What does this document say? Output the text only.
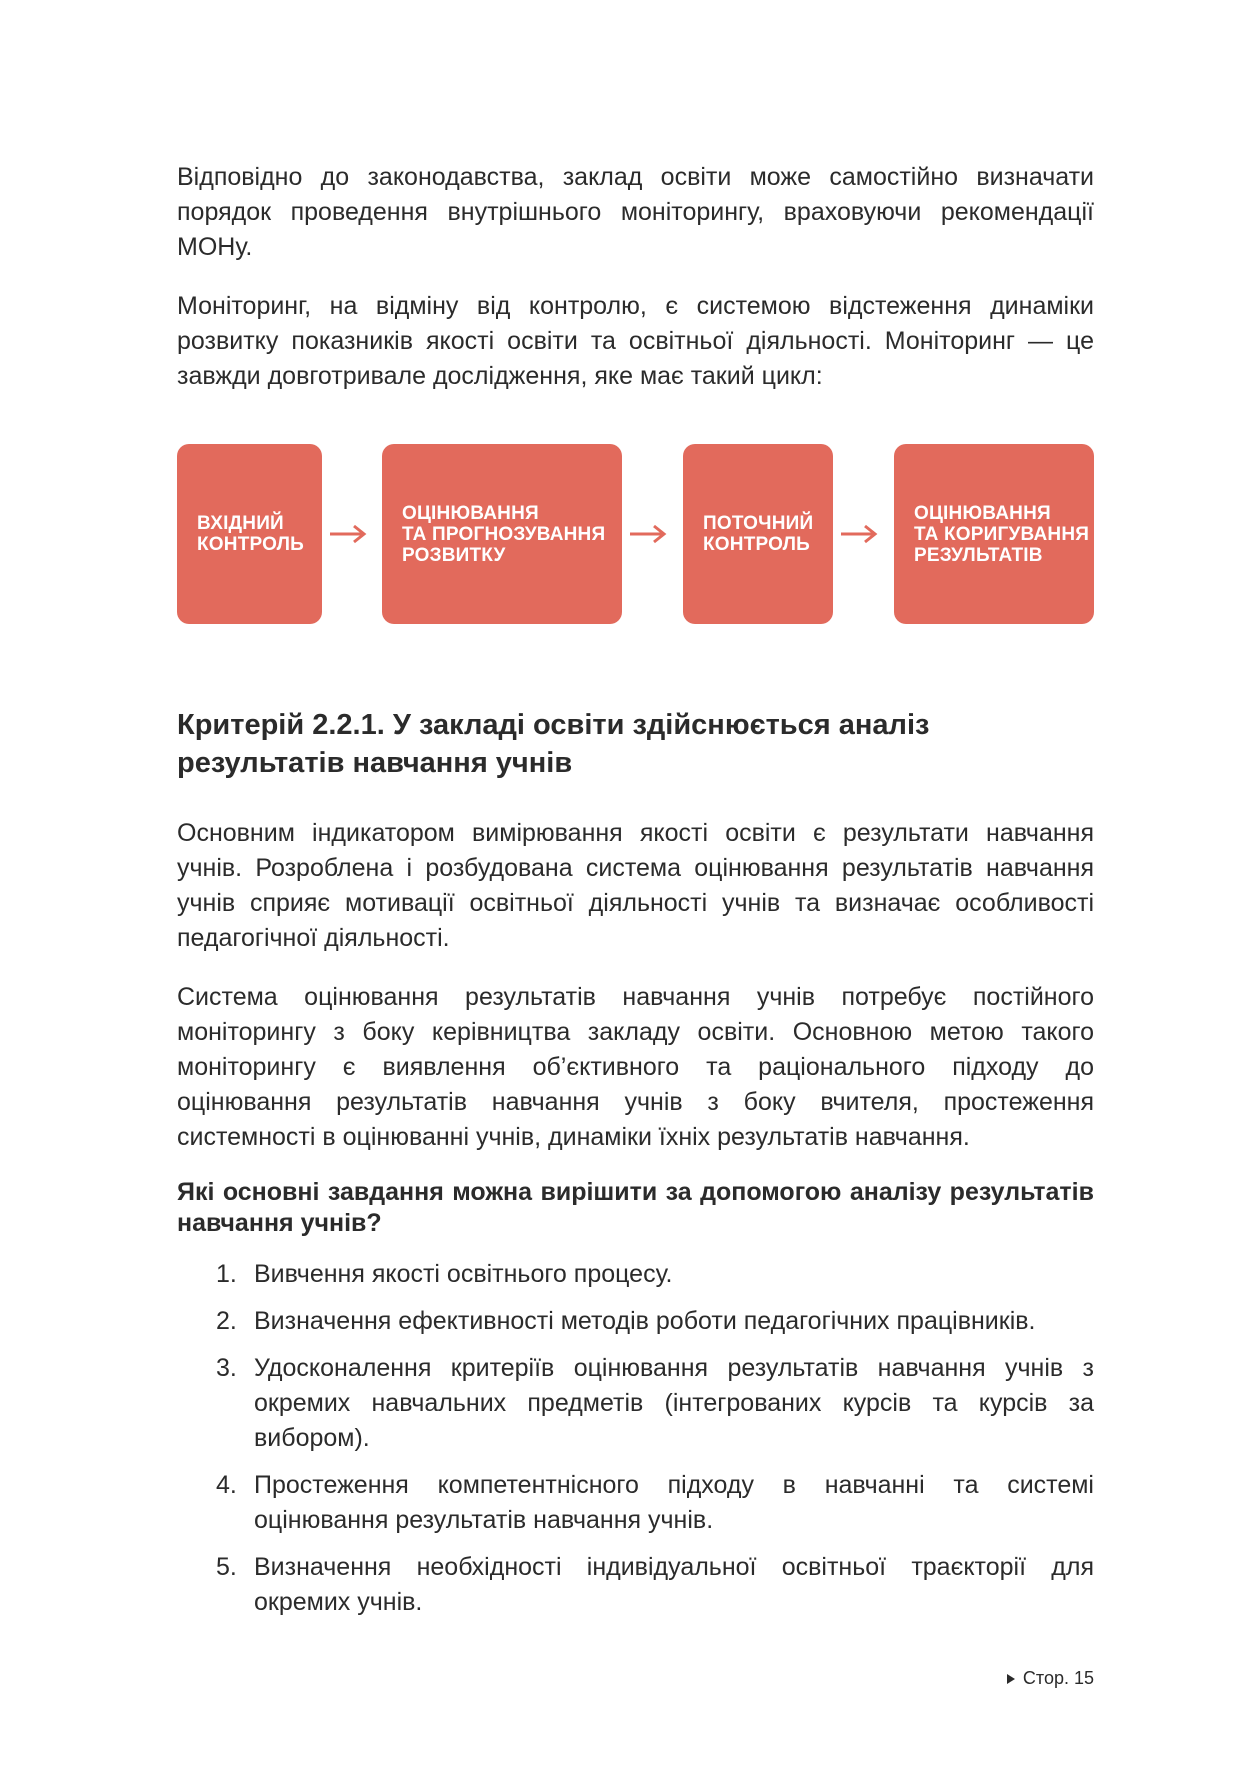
Відповідно до законодавства, заклад освіти може самостійно визначати порядок проведення внутрішнього моніторингу, враховуючи рекомендації МОНу.

Моніторинг, на відміну від контролю, є системою відстеження динаміки розвитку показників якості освіти та освітньої діяльності. Моніторинг — це завжди довготривале дослідження, яке має такий цикл:

ВХІДНИЙ
КОНТРОЛЬ
ОЦІНЮВАННЯ
ТА ПРОГНОЗУВАННЯ
РОЗВИТКУ
ПОТОЧНИЙ
КОНТРОЛЬ
ОЦІНЮВАННЯ
ТА КОРИГУВАННЯ
РЕЗУЛЬТАТІВ
Критерій 2.2.1. У закладі освіти здійснюється аналіз результатів навчання учнів

Основним індикатором вимірювання якості освіти є результати навчання учнів. Розроблена і розбудована система оцінювання результатів навчання учнів сприяє мотивації освітньої діяльності учнів та визначає особливості педагогічної діяльності.

Система оцінювання результатів навчання учнів потребує постійного моніторингу з боку керівництва закладу освіти. Основною метою такого моніторингу є виявлення об’єктивного та раціонального підходу до оцінювання результатів навчання учнів з боку вчителя, простеження системності в оцінюванні учнів, динаміки їхніх результатів навчання.

Які основні завдання можна вирішити за допомогою аналізу результатів навчання учнів?

1. Вивчення якості освітнього процесу.
2. Визначення ефективності методів роботи педагогічних працівників.
3. Удосконалення критеріїв оцінювання результатів навчання учнів з окремих навчальних предметів (інтегрованих курсів та курсів за вибором).
4. Простеження компетентнісного підходу в навчанні та системі оцінювання результатів навчання учнів.
5. Визначення необхідності індивідуальної освітньої траєкторії для окремих учнів.
Стор. 15
